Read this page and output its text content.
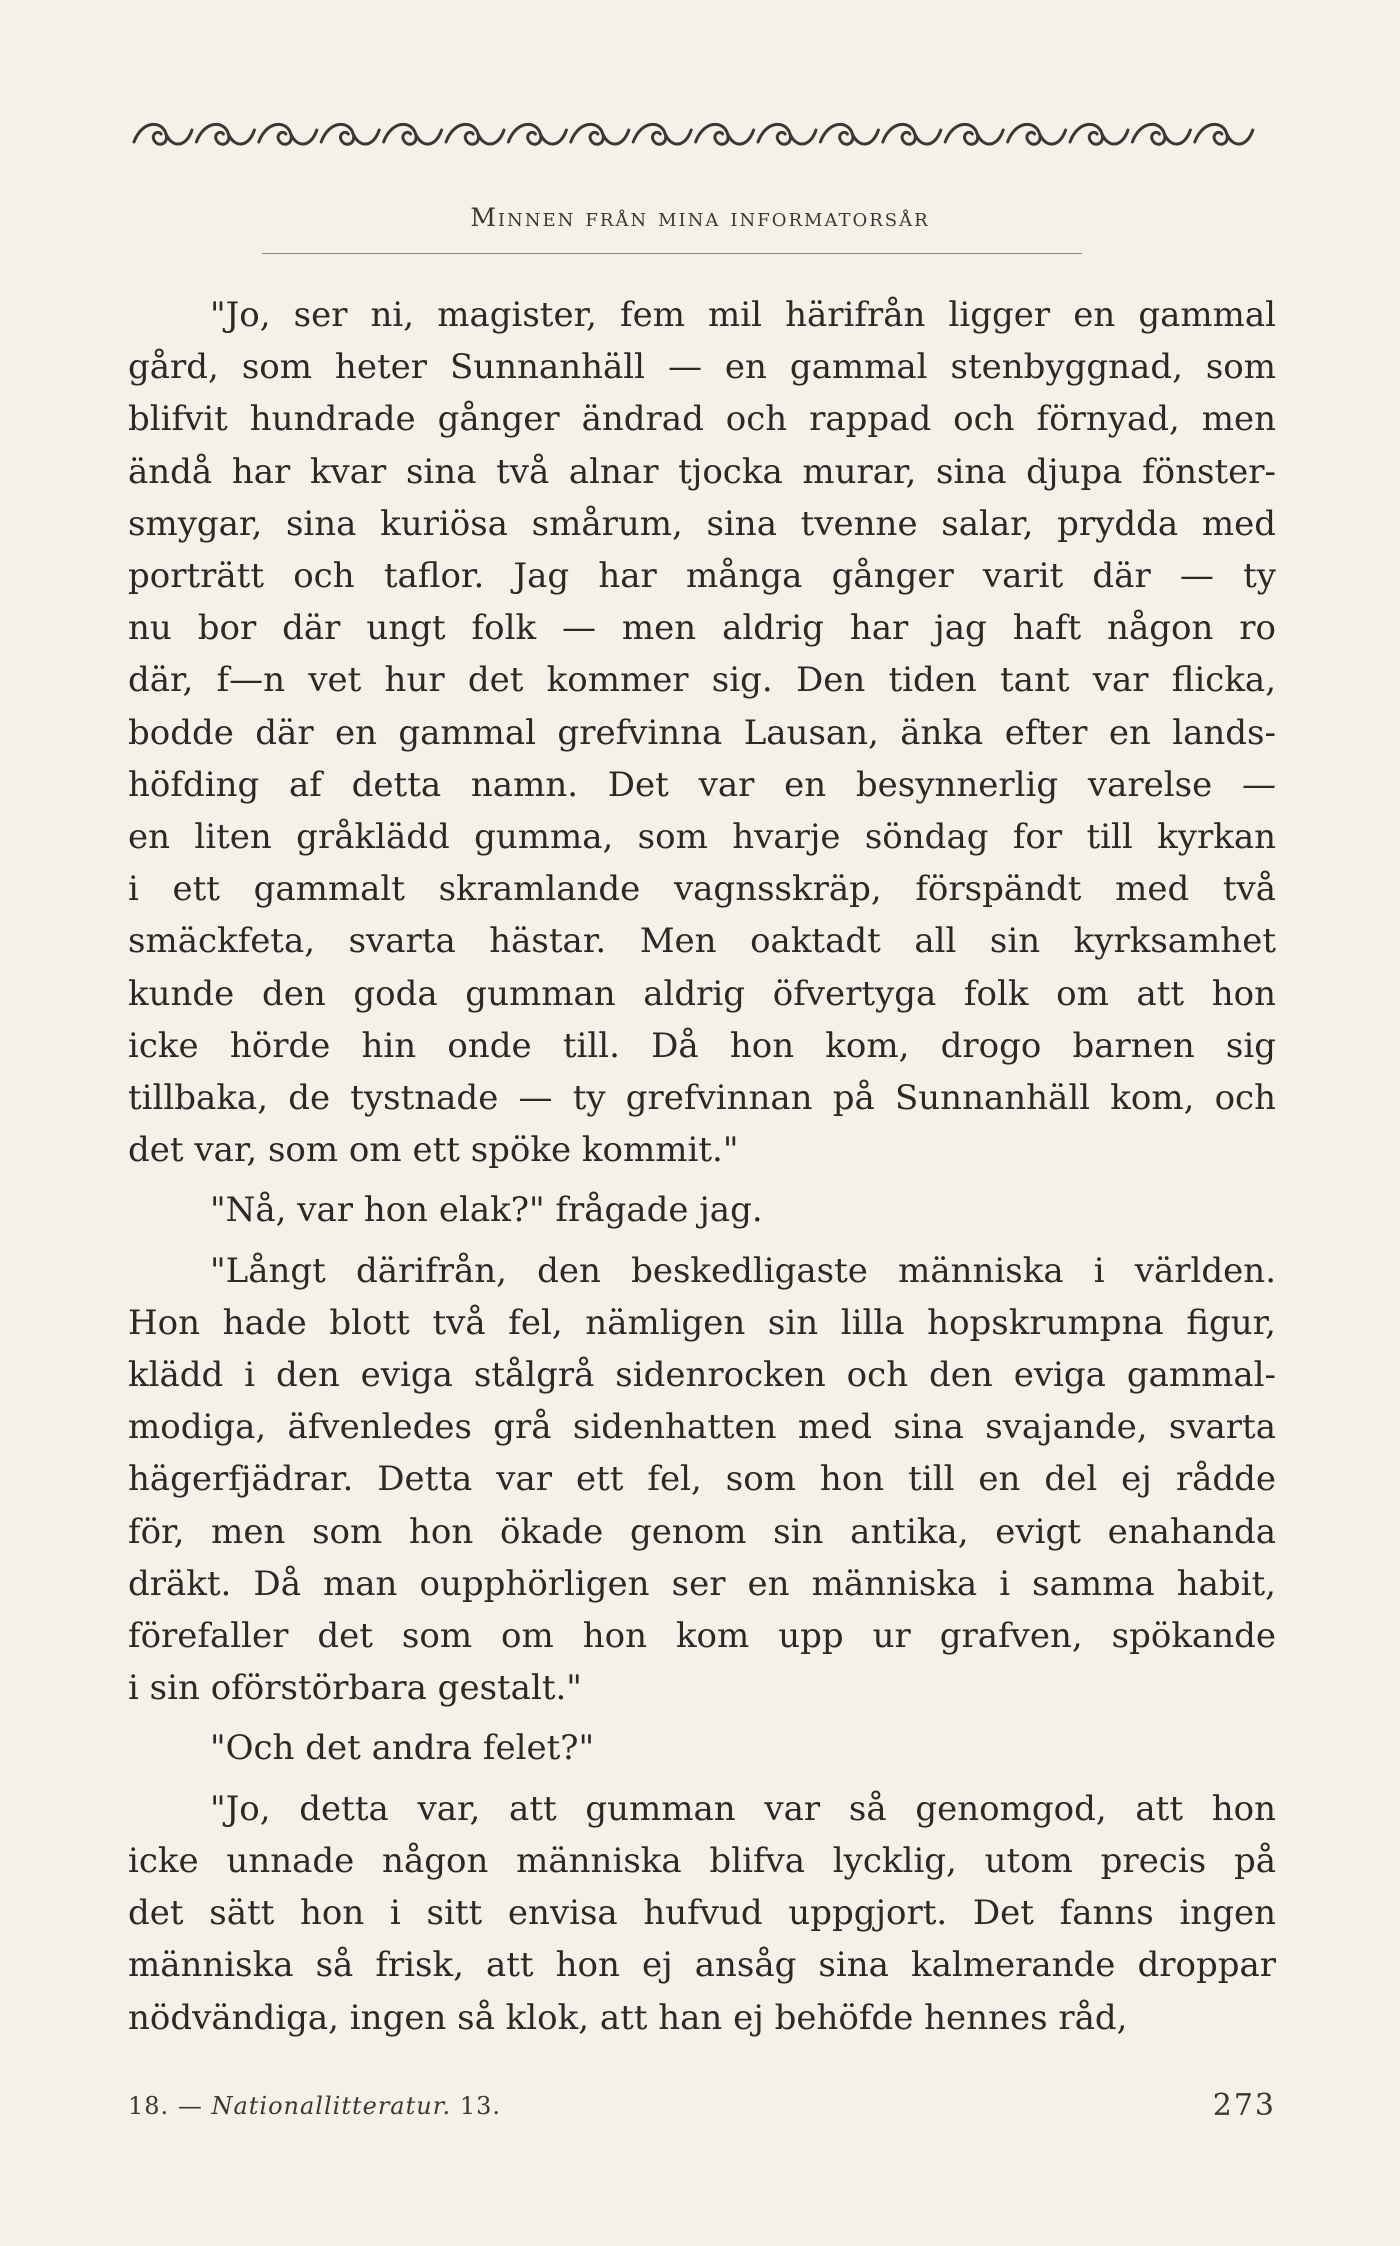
Minnen från mina informatorsår
"Jo, ser ni, magister, fem mil härifrån ligger en gammal
gård, som heter Sunnanhäll — en gammal stenbyggnad, som
blifvit hundrade gånger ändrad och rappad och förnyad, men
ändå har kvar sina två alnar tjocka murar, sina djupa fönster-
smygar, sina kuriösa smårum, sina tvenne salar, prydda med
porträtt och taflor. Jag har många gånger varit där — ty
nu bor där ungt folk — men aldrig har jag haft någon ro
där, f—n vet hur det kommer sig. Den tiden tant var flicka,
bodde där en gammal grefvinna Lausan, änka efter en lands-
höfding af detta namn. Det var en besynnerlig varelse —
en liten gråklädd gumma, som hvarje söndag for till kyrkan
i ett gammalt skramlande vagnsskräp, förspändt med två
smäckfeta, svarta hästar. Men oaktadt all sin kyrksamhet
kunde den goda gumman aldrig öfvertyga folk om att hon
icke hörde hin onde till. Då hon kom, drogo barnen sig
tillbaka, de tystnade — ty grefvinnan på Sunnanhäll kom, och
det var, som om ett spöke kommit."
"Nå, var hon elak?" frågade jag.
"Långt därifrån, den beskedligaste människa i världen.
Hon hade blott två fel, nämligen sin lilla hopskrumpna figur,
klädd i den eviga stålgrå sidenrocken och den eviga gammal-
modiga, äfvenledes grå sidenhatten med sina svajande, svarta
hägerfjädrar. Detta var ett fel, som hon till en del ej rådde
för, men som hon ökade genom sin antika, evigt enahanda
dräkt. Då man oupphörligen ser en människa i samma habit,
förefaller det som om hon kom upp ur grafven, spökande
i sin oförstörbara gestalt."
"Och det andra felet?"
"Jo, detta var, att gumman var så genomgod, att hon
icke unnade någon människa blifva lycklig, utom precis på
det sätt hon i sitt envisa hufvud uppgjort. Det fanns ingen
människa så frisk, att hon ej ansåg sina kalmerande droppar
nödvändiga, ingen så klok, att han ej behöfde hennes råd,
18. — Nationallitteratur. 13.	273
